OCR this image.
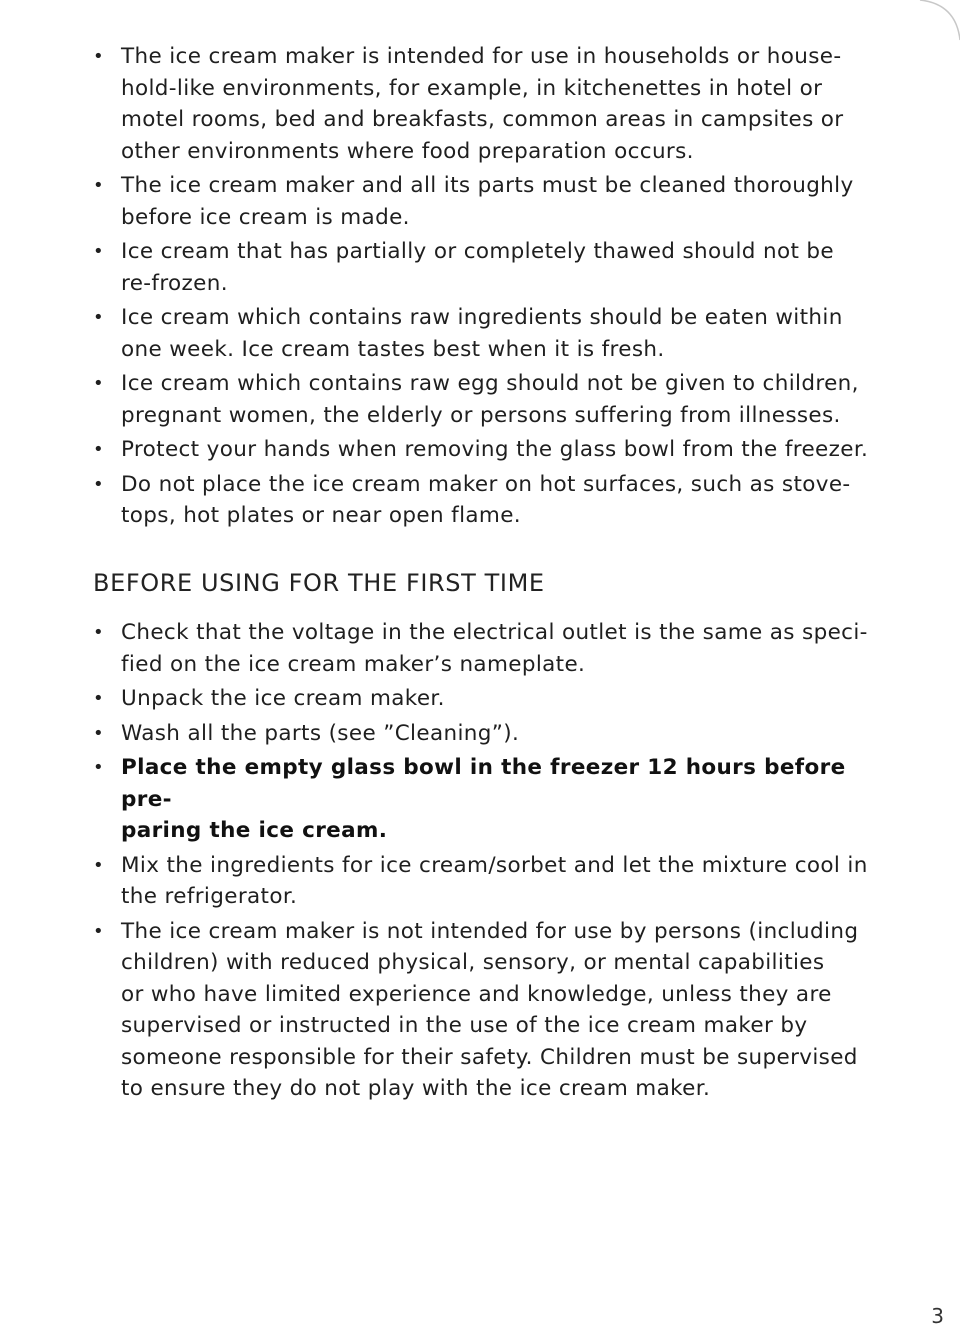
• The ice cream maker is intended for use in households or house-
hold-like environments, for example, in kitchenettes in hotel or
motel rooms, bed and breakfasts, common areas in campsites or
other environments where food preparation occurs.
• The ice cream maker and all its parts must be cleaned thoroughly
before ice cream is made.
• Ice cream that has partially or completely thawed should not be
re-frozen.
• Ice cream which contains raw ingredients should be eaten within
one week. Ice cream tastes best when it is fresh.
• Ice cream which contains raw egg should not be given to children,
pregnant women, the elderly or persons suffering from illnesses.
• Protect your hands when removing the glass bowl from the freezer.
• Do not place the ice cream maker on hot surfaces, such as stove-
tops, hot plates or near open flame.
BEFORE USING FOR THE FIRST TIME
• Check that the voltage in the electrical outlet is the same as speci-
fied on the ice cream maker’s nameplate.
• Unpack the ice cream maker.
• Wash all the parts (see ”Cleaning”).
• Place the empty glass bowl in the freezer 12 hours before pre-
paring the ice cream.
• Mix the ingredients for ice cream/sorbet and let the mixture cool in
the refrigerator.
• The ice cream maker is not intended for use by persons (including
children) with reduced physical, sensory, or mental capabilities
or who have limited experience and knowledge, unless they are
supervised or instructed in the use of the ice cream maker by
someone responsible for their safety. Children must be supervised
to ensure they do not play with the ice cream maker.
3
